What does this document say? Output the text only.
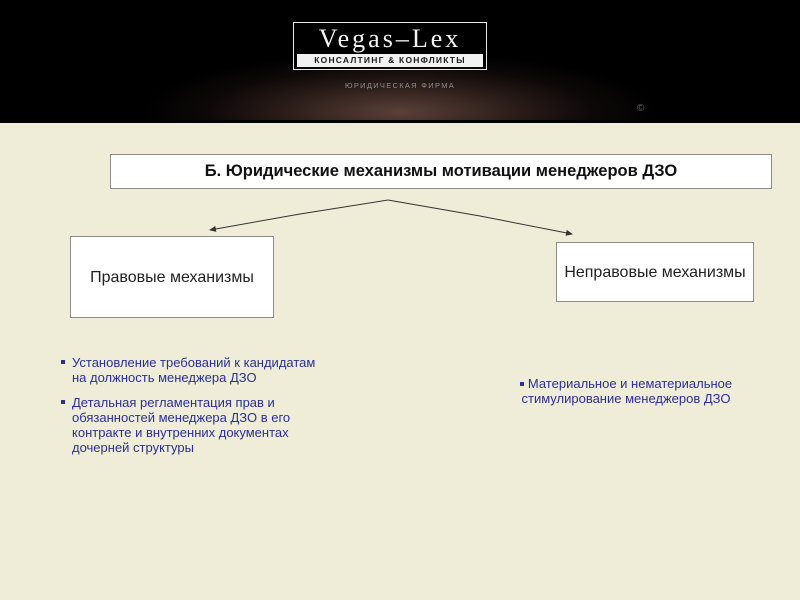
Vegas–Lex
КОНСАЛТИНГ & КОНФЛИКТЫ
ЮРИДИЧЕСКАЯ ФИРМА
©
Б. Юридические механизмы мотивации менеджеров ДЗО
Правовые механизмы	Неправовые механизмы
Установление требований к кандидатам на должность менеджера ДЗО
Детальная регламентация прав и обязанностей менеджера ДЗО в его контракте и внутренних документах дочерней структуры
Материальное и нематериальное стимулирование менеджеров ДЗО
